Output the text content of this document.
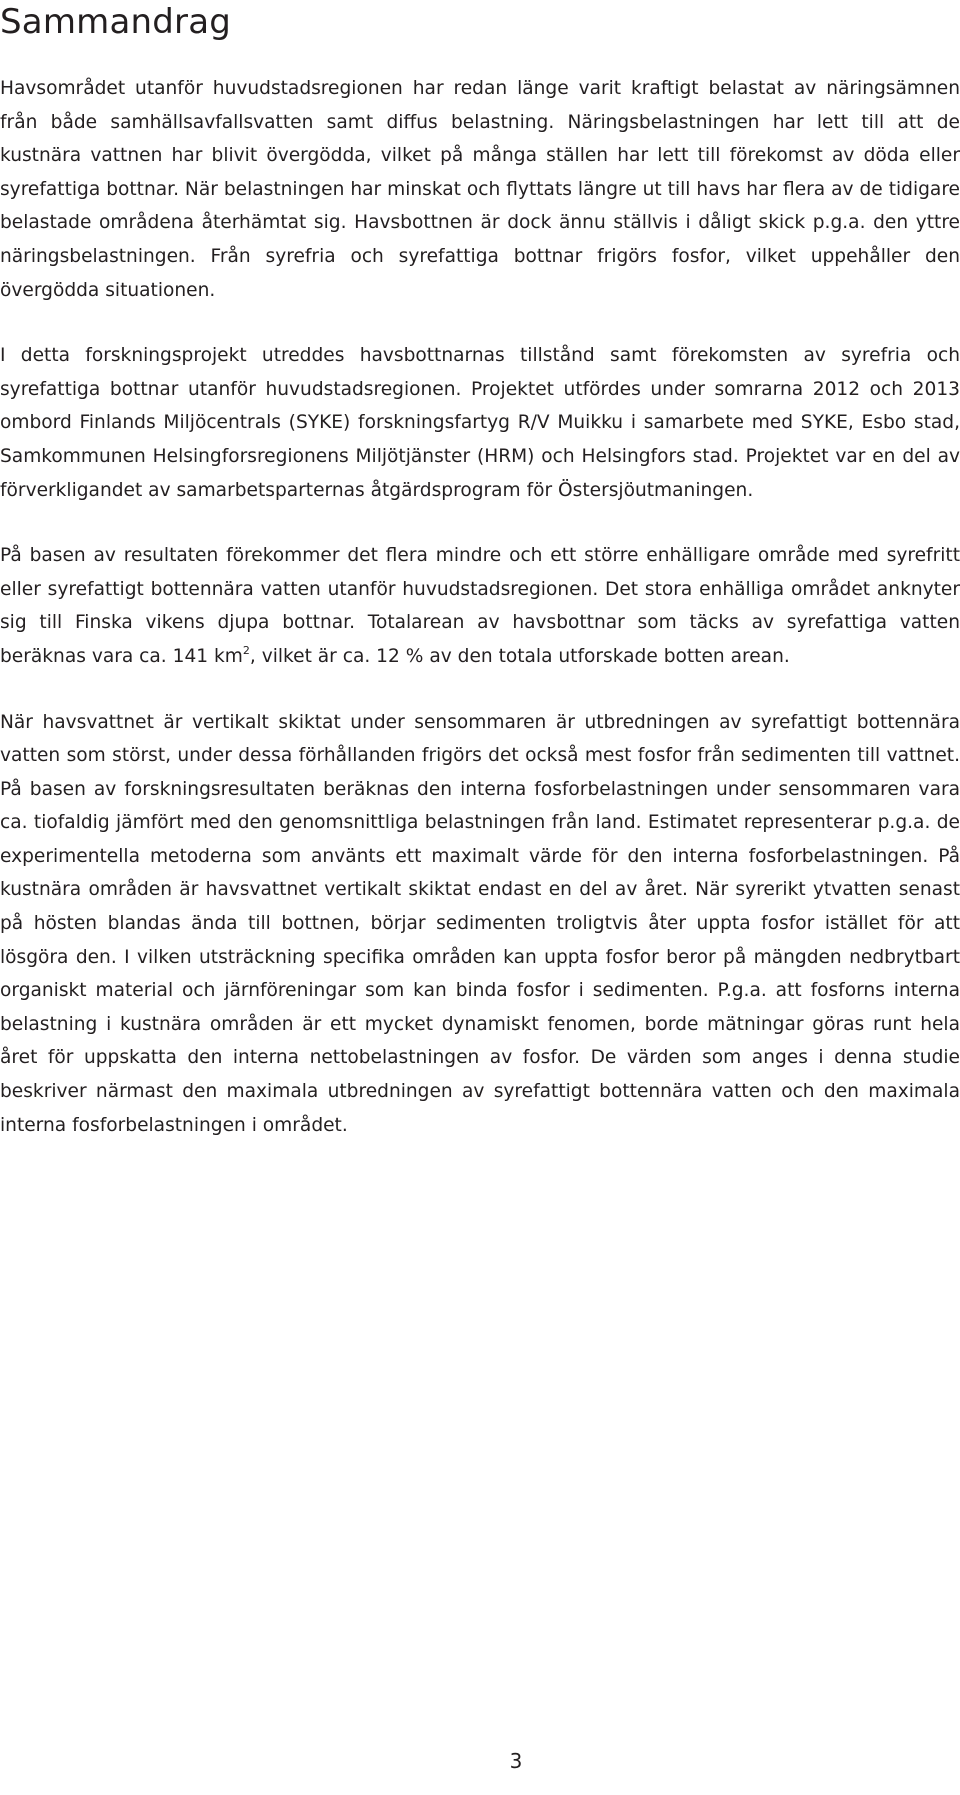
Sammandrag

Havsområdet utanför huvudstadsregionen har redan länge varit kraftigt belastat av näringsämnen från både samhällsavfallsvatten samt diffus belastning. Näringsbelastningen har lett till att de kustnära vattnen har blivit övergödda, vilket på många ställen har lett till förekomst av döda eller syrefattiga bottnar. När belastningen har minskat och flyttats längre ut till havs har flera av de tidigare belastade områdena återhämtat sig. Havsbottnen är dock ännu ställvis i dåligt skick p.g.a. den yttre näringsbelastningen. Från syrefria och syrefattiga bottnar frigörs fosfor, vilket uppehåller den övergödda situationen.

I detta forskningsprojekt utreddes havsbottnarnas tillstånd samt förekomsten av syrefria och syrefattiga bottnar utanför huvudstadsregionen. Projektet utfördes under somrarna 2012 och 2013 ombord Finlands Miljöcentrals (SYKE) forskningsfartyg R/V Muikku i samarbete med SYKE, Esbo stad, Samkommunen Helsingforsregionens Miljötjänster (HRM) och Helsingfors stad. Projektet var en del av förverkligandet av samarbetsparternas åtgärdsprogram för Östersjöutmaningen.

På basen av resultaten förekommer det flera mindre och ett större enhälligare område med syrefritt eller syrefattigt bottennära vatten utanför huvudstadsregionen. Det stora enhälliga området anknyter sig till Finska vikens djupa bottnar. Totalarean av havsbottnar som täcks av syrefattiga vatten beräknas vara ca. 141 $km^2$, vilket är ca. 12 % av den totala utforskade botten arean.

När havsvattnet är vertikalt skiktat under sensommaren är utbredningen av syrefattigt bottennära vatten som störst, under dessa förhållanden frigörs det också mest fosfor från sedimenten till vattnet. På basen av forskningsresultaten beräknas den interna fosforbelastningen under sensommaren vara ca. tiofaldig jämfört med den genomsnittliga belastningen från land. Estimatet representerar p.g.a. de experimentella metoderna som använts ett maximalt värde för den interna fosforbelastningen. På kustnära områden är havsvattnet vertikalt skiktat endast en del av året. När syrerikt ytvatten senast på hösten blandas ända till bottnen, börjar sedimenten troligtvis åter uppta fosfor istället för att lösgöra den. I vilken utsträckning specifika områden kan uppta fosfor beror på mängden nedbrytbart organiskt material och järnföreningar som kan binda fosfor i sedimenten. P.g.a. att fosforns interna belastning i kustnära områden är ett mycket dynamiskt fenomen, borde mätningar göras runt hela året för uppskatta den interna nettobelastningen av fosfor. De värden som anges i denna studie beskriver närmast den maximala utbredningen av syrefattigt bottennära vatten och den maximala interna fosforbelastningen i området.

3
